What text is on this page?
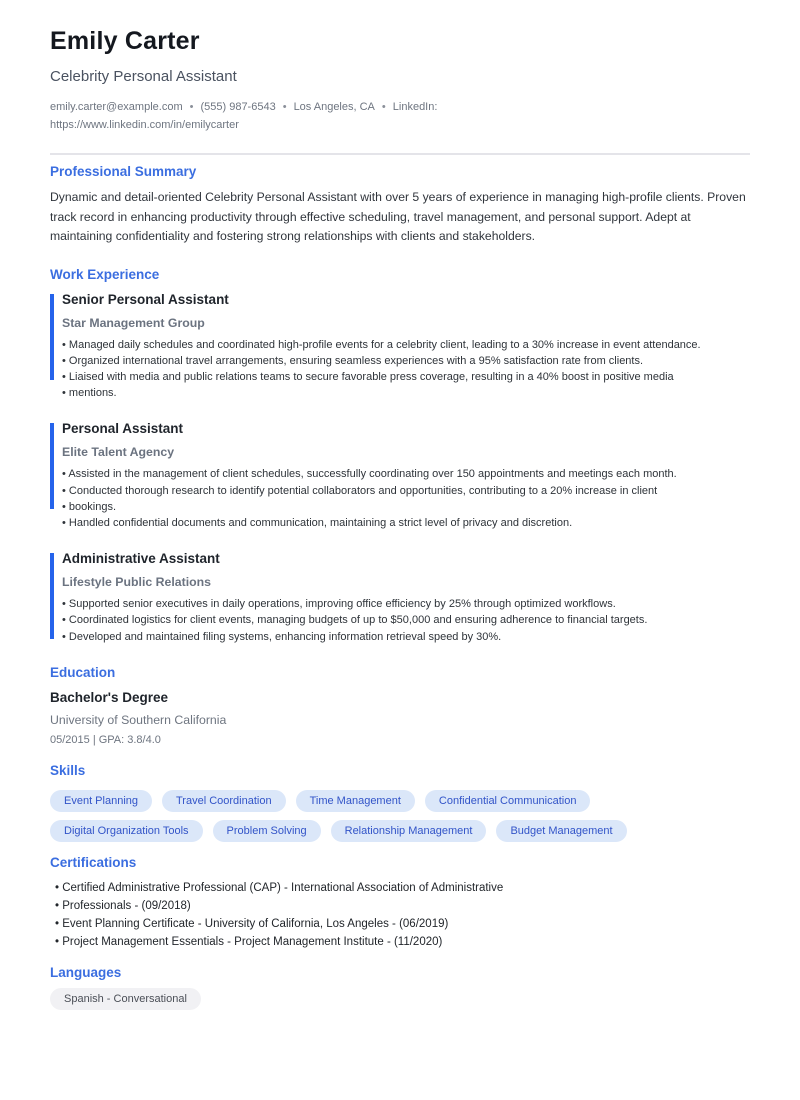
Emily Carter
Celebrity Personal Assistant
emily.carter@example.com • (555) 987-6543 • Los Angeles, CA • LinkedIn:
https://www.linkedin.com/in/emilycarter
Professional Summary
Dynamic and detail-oriented Celebrity Personal Assistant with over 5 years of experience in managing high-profile clients. Proven track record in enhancing productivity through effective scheduling, travel management, and personal support. Adept at maintaining confidentiality and fostering strong relationships with clients and stakeholders.
Work Experience
Senior Personal Assistant
Star Management Group
• Managed daily schedules and coordinated high-profile events for a celebrity client, leading to a 30% increase in event attendance.
• Organized international travel arrangements, ensuring seamless experiences with a 95% satisfaction rate from clients.
• Liaised with media and public relations teams to secure favorable press coverage, resulting in a 40% boost in positive media
• mentions.
Personal Assistant
Elite Talent Agency
• Assisted in the management of client schedules, successfully coordinating over 150 appointments and meetings each month.
• Conducted thorough research to identify potential collaborators and opportunities, contributing to a 20% increase in client
• bookings.
• Handled confidential documents and communication, maintaining a strict level of privacy and discretion.
Administrative Assistant
Lifestyle Public Relations
• Supported senior executives in daily operations, improving office efficiency by 25% through optimized workflows.
• Coordinated logistics for client events, managing budgets of up to $50,000 and ensuring adherence to financial targets.
• Developed and maintained filing systems, enhancing information retrieval speed by 30%.
Education
Bachelor's Degree
University of Southern California
05/2015 | GPA: 3.8/4.0
Skills
Event Planning	Travel Coordination	Time Management	Confidential Communication
Digital Organization Tools	Problem Solving	Relationship Management	Budget Management
Certifications
• Certified Administrative Professional (CAP) - International Association of Administrative
• Professionals - (09/2018)
• Event Planning Certificate - University of California, Los Angeles - (06/2019)
• Project Management Essentials - Project Management Institute - (11/2020)
Languages
Spanish - Conversational
